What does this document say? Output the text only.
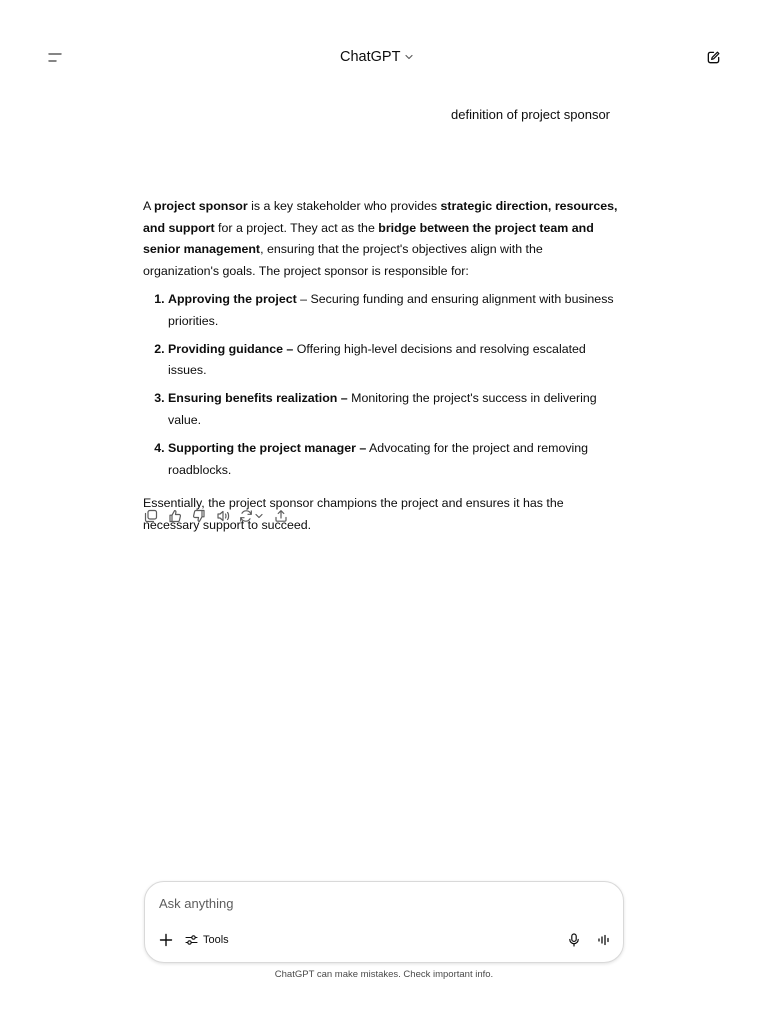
ChatGPT
definition of project sponsor

A project sponsor is a key stakeholder who provides strategic direction, resources, and support for a project. They act as the bridge between the project team and senior management, ensuring that the project's objectives align with the organization's goals. The project sponsor is responsible for:

1. Approving the project – Securing funding and ensuring alignment with business priorities.
2. Providing guidance – Offering high-level decisions and resolving escalated issues.
3. Ensuring benefits realization – Monitoring the project's success in delivering value.
4. Supporting the project manager – Advocating for the project and removing roadblocks.

Essentially, the project sponsor champions the project and ensures it has the necessary support to succeed.

Ask anything
Tools
ChatGPT can make mistakes. Check important info.
